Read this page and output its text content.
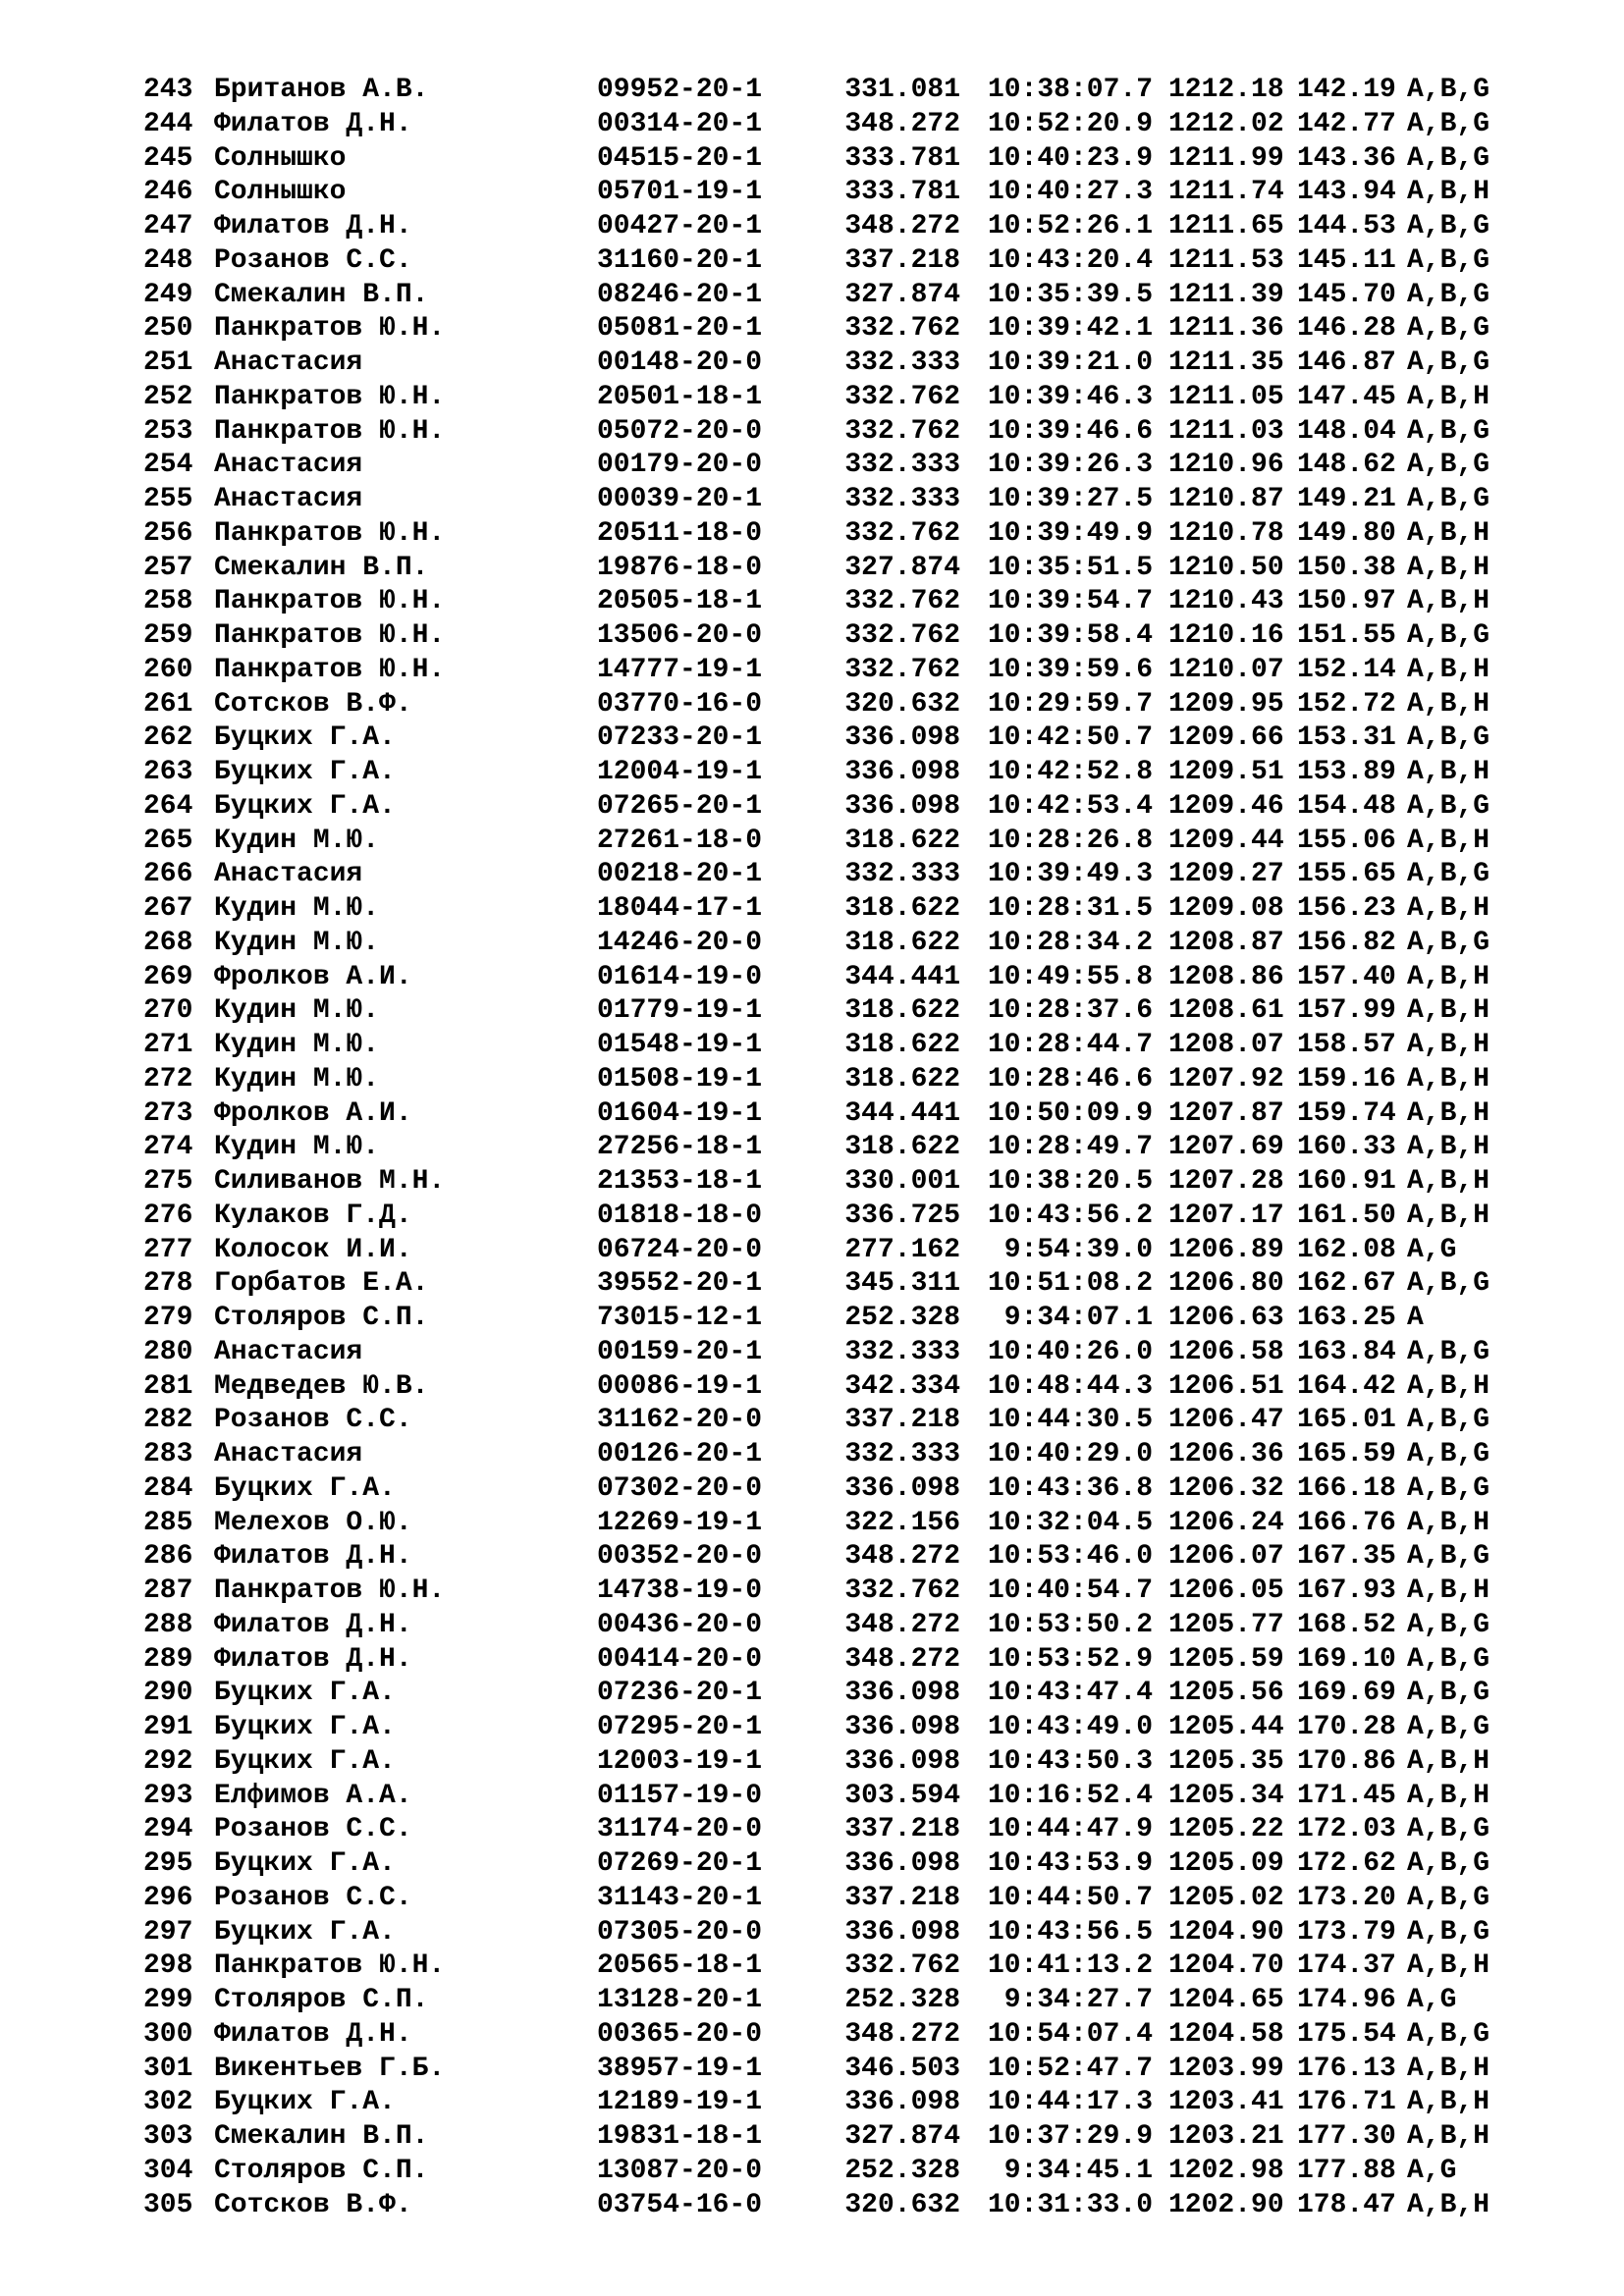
243 Британов А.В.	09952-20-1	331.081 10:38:07.7 1212.18 142.19 A,B,G
244 Филатов Д.Н.	00314-20-1	348.272 10:52:20.9 1212.02 142.77 A,B,G
245 Солнышко	04515-20-1	333.781 10:40:23.9 1211.99 143.36 A,B,G
246 Солнышко	05701-19-1	333.781 10:40:27.3 1211.74 143.94 A,B,H
247 Филатов Д.Н.	00427-20-1	348.272 10:52:26.1 1211.65 144.53 A,B,G
248 Розанов С.С.	31160-20-1	337.218 10:43:20.4 1211.53 145.11 A,B,G
249 Смекалин В.П.	08246-20-1	327.874 10:35:39.5 1211.39 145.70 A,B,G
250 Панкратов Ю.Н.	05081-20-1	332.762 10:39:42.1 1211.36 146.28 A,B,G
251 Анастасия	00148-20-0	332.333 10:39:21.0 1211.35 146.87 A,B,G
252 Панкратов Ю.Н.	20501-18-1	332.762 10:39:46.3 1211.05 147.45 A,B,H
253 Панкратов Ю.Н.	05072-20-0	332.762 10:39:46.6 1211.03 148.04 A,B,G
254 Анастасия	00179-20-0	332.333 10:39:26.3 1210.96 148.62 A,B,G
255 Анастасия	00039-20-1	332.333 10:39:27.5 1210.87 149.21 A,B,G
256 Панкратов Ю.Н.	20511-18-0	332.762 10:39:49.9 1210.78 149.80 A,B,H
257 Смекалин В.П.	19876-18-0	327.874 10:35:51.5 1210.50 150.38 A,B,H
258 Панкратов Ю.Н.	20505-18-1	332.762 10:39:54.7 1210.43 150.97 A,B,H
259 Панкратов Ю.Н.	13506-20-0	332.762 10:39:58.4 1210.16 151.55 A,B,G
260 Панкратов Ю.Н.	14777-19-1	332.762 10:39:59.6 1210.07 152.14 A,B,H
261 Сотсков В.Ф.	03770-16-0	320.632 10:29:59.7 1209.95 152.72 A,B,H
262 Буцких Г.А.	07233-20-1	336.098 10:42:50.7 1209.66 153.31 A,B,G
263 Буцких Г.А.	12004-19-1	336.098 10:42:52.8 1209.51 153.89 A,B,H
264 Буцких Г.А.	07265-20-1	336.098 10:42:53.4 1209.46 154.48 A,B,G
265 Кудин М.Ю.	27261-18-0	318.622 10:28:26.8 1209.44 155.06 A,B,H
266 Анастасия	00218-20-1	332.333 10:39:49.3 1209.27 155.65 A,B,G
267 Кудин М.Ю.	18044-17-1	318.622 10:28:31.5 1209.08 156.23 A,B,H
268 Кудин М.Ю.	14246-20-0	318.622 10:28:34.2 1208.87 156.82 A,B,G
269 Фролков А.И.	01614-19-0	344.441 10:49:55.8 1208.86 157.40 A,B,H
270 Кудин М.Ю.	01779-19-1	318.622 10:28:37.6 1208.61 157.99 A,B,H
271 Кудин М.Ю.	01548-19-1	318.622 10:28:44.7 1208.07 158.57 A,B,H
272 Кудин М.Ю.	01508-19-1	318.622 10:28:46.6 1207.92 159.16 A,B,H
273 Фролков А.И.	01604-19-1	344.441 10:50:09.9 1207.87 159.74 A,B,H
274 Кудин М.Ю.	27256-18-1	318.622 10:28:49.7 1207.69 160.33 A,B,H
275 Силиванов М.Н.	21353-18-1	330.001 10:38:20.5 1207.28 160.91 A,B,H
276 Кулаков Г.Д.	01818-18-0	336.725 10:43:56.2 1207.17 161.50 A,B,H
277 Колосок И.И.	06724-20-0	277.162	9:54:39.0 1206.89 162.08 A,G
278 Горбатов Е.А.	39552-20-1	345.311 10:51:08.2 1206.80 162.67 A,B,G
279 Столяров С.П.	73015-12-1	252.328	9:34:07.1 1206.63 163.25 A
280 Анастасия	00159-20-1	332.333 10:40:26.0 1206.58 163.84 A,B,G
281 Медведев Ю.В.	00086-19-1	342.334 10:48:44.3 1206.51 164.42 A,B,H
282 Розанов С.С.	31162-20-0	337.218 10:44:30.5 1206.47 165.01 A,B,G
283 Анастасия	00126-20-1	332.333 10:40:29.0 1206.36 165.59 A,B,G
284 Буцких Г.А.	07302-20-0	336.098 10:43:36.8 1206.32 166.18 A,B,G
285 Мелехов О.Ю.	12269-19-1	322.156 10:32:04.5 1206.24 166.76 A,B,H
286 Филатов Д.Н.	00352-20-0	348.272 10:53:46.0 1206.07 167.35 A,B,G
287 Панкратов Ю.Н.	14738-19-0	332.762 10:40:54.7 1206.05 167.93 A,B,H
288 Филатов Д.Н.	00436-20-0	348.272 10:53:50.2 1205.77 168.52 A,B,G
289 Филатов Д.Н.	00414-20-0	348.272 10:53:52.9 1205.59 169.10 A,B,G
290 Буцких Г.А.	07236-20-1	336.098 10:43:47.4 1205.56 169.69 A,B,G
291 Буцких Г.А.	07295-20-1	336.098 10:43:49.0 1205.44 170.28 A,B,G
292 Буцких Г.А.	12003-19-1	336.098 10:43:50.3 1205.35 170.86 A,B,H
293 Елфимов А.А.	01157-19-0	303.594 10:16:52.4 1205.34 171.45 A,B,H
294 Розанов С.С.	31174-20-0	337.218 10:44:47.9 1205.22 172.03 A,B,G
295 Буцких Г.А.	07269-20-1	336.098 10:43:53.9 1205.09 172.62 A,B,G
296 Розанов С.С.	31143-20-1	337.218 10:44:50.7 1205.02 173.20 A,B,G
297 Буцких Г.А.	07305-20-0	336.098 10:43:56.5 1204.90 173.79 A,B,G
298 Панкратов Ю.Н.	20565-18-1	332.762 10:41:13.2 1204.70 174.37 A,B,H
299 Столяров С.П.	13128-20-1	252.328	9:34:27.7 1204.65 174.96 A,G
300 Филатов Д.Н.	00365-20-0	348.272 10:54:07.4 1204.58 175.54 A,B,G
301 Викентьев Г.Б.	38957-19-1	346.503 10:52:47.7 1203.99 176.13 A,B,H
302 Буцких Г.А.	12189-19-1	336.098 10:44:17.3 1203.41 176.71 A,B,H
303 Смекалин В.П.	19831-18-1	327.874 10:37:29.9 1203.21 177.30 A,B,H
304 Столяров С.П.	13087-20-0	252.328	9:34:45.1 1202.98 177.88 A,G
305 Сотсков В.Ф.	03754-16-0	320.632 10:31:33.0 1202.90 178.47 A,B,H
